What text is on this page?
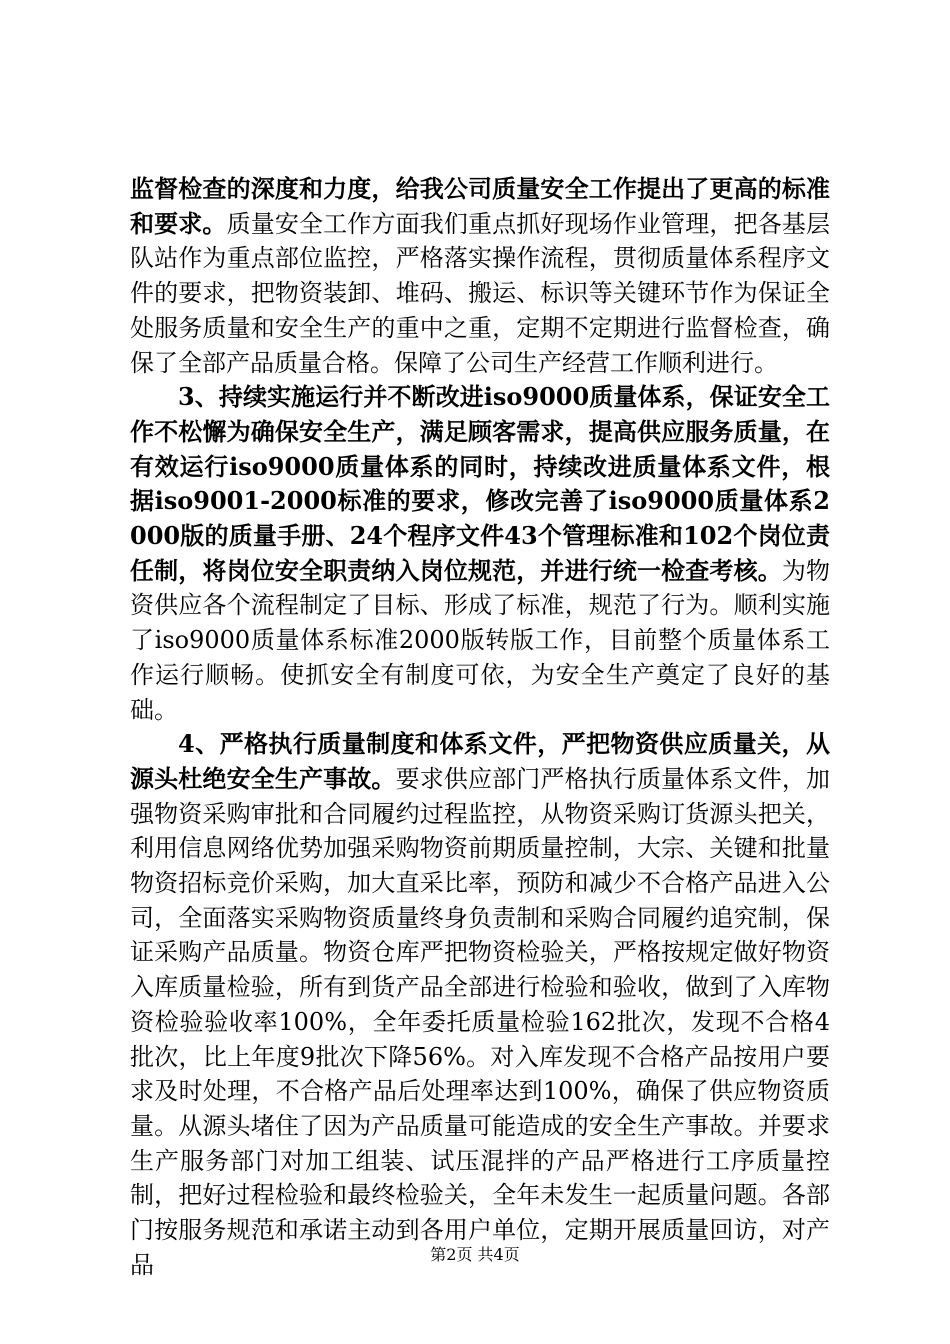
监督检查的深度和力度，给我公司质量安全工作提出了更高的标准和要求。质量安全工作方面我们重点抓好现场作业管理，把各基层队站作为重点部位监控，严格落实操作流程，贯彻质量体系程序文件的要求，把物资装卸、堆码、搬运、标识等关键环节作为保证全处服务质量和安全生产的重中之重，定期不定期进行监督检查，确保了全部产品质量合格。保障了公司生产经营工作顺利进行。

3、持续实施运行并不断改进iso9000质量体系，保证安全工作不松懈为确保安全生产，满足顾客需求，提高供应服务质量，在有效运行iso9000质量体系的同时，持续改进质量体系文件，根据iso9001-2000标准的要求，修改完善了iso9000质量体系2000版的质量手册、24个程序文件43个管理标准和102个岗位责任制，将岗位安全职责纳入岗位规范，并进行统一检查考核。为物资供应各个流程制定了目标、形成了标准，规范了行为。顺利实施了iso9000质量体系标准2000版转版工作，目前整个质量体系工作运行顺畅。使抓安全有制度可依，为安全生产奠定了良好的基础。

4、严格执行质量制度和体系文件，严把物资供应质量关，从源头杜绝安全生产事故。要求供应部门严格执行质量体系文件，加强物资采购审批和合同履约过程监控，从物资采购订货源头把关，利用信息网络优势加强采购物资前期质量控制，大宗、关键和批量物资招标竞价采购，加大直采比率，预防和减少不合格产品进入公司，全面落实采购物资质量终身负责制和采购合同履约追究制，保证采购产品质量。物资仓库严把物资检验关，严格按规定做好物资入库质量检验，所有到货产品全部进行检验和验收，做到了入库物资检验验收率100%，全年委托质量检验162批次，发现不合格4批次，比上年度9批次下降56%。对入库发现不合格产品按用户要求及时处理，不合格产品后处理率达到100%，确保了供应物资质量。从源头堵住了因为产品质量可能造成的安全生产事故。并要求生产服务部门对加工组装、试压混拌的产品严格进行工序质量控制，把好过程检验和最终检验关，全年未发生一起质量问题。各部门按服务规范和承诺主动到各用户单位，定期开展质量回访，对产品	第2页 共4页
